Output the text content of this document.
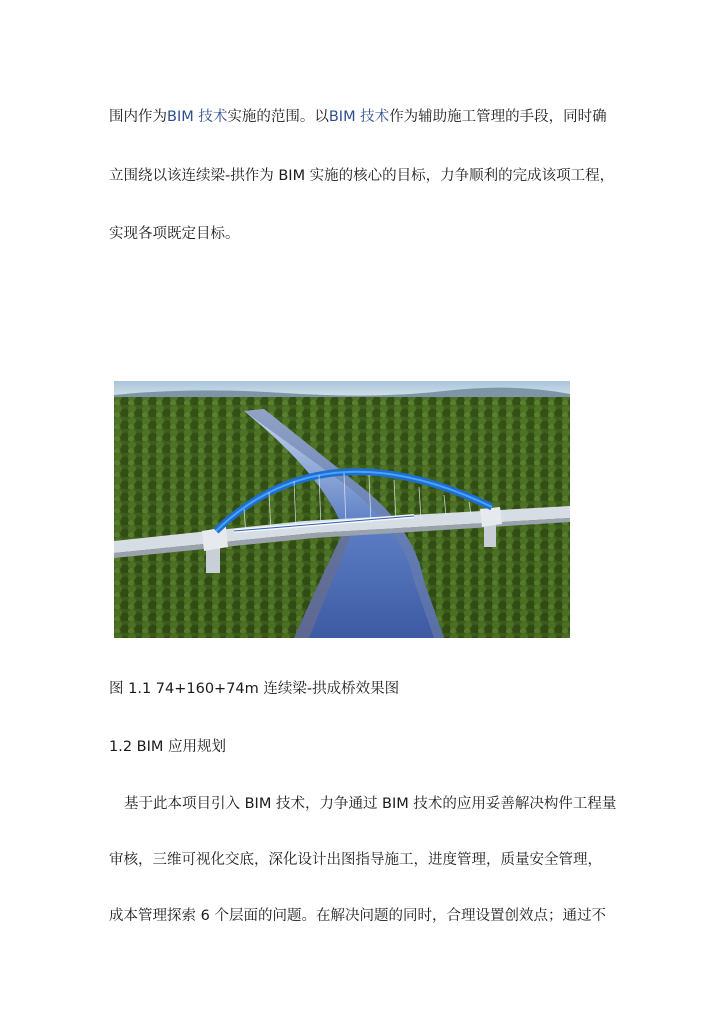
围内作为BIM 技术实施的范围。以BIM 技术作为辅助施工管理的手段，同时确
立围绕以该连续梁-拱作为 BIM 实施的核心的目标，力争顺利的完成该项工程，
实现各项既定目标。
图 1.1 74+160+74m 连续梁-拱成桥效果图
1.2 BIM 应用规划
基于此本项目引入 BIM 技术，力争通过 BIM 技术的应用妥善解决构件工程量
审核，三维可视化交底，深化设计出图指导施工，进度管理，质量安全管理，
成本管理探索 6 个层面的问题。在解决问题的同时，合理设置创效点；通过不
